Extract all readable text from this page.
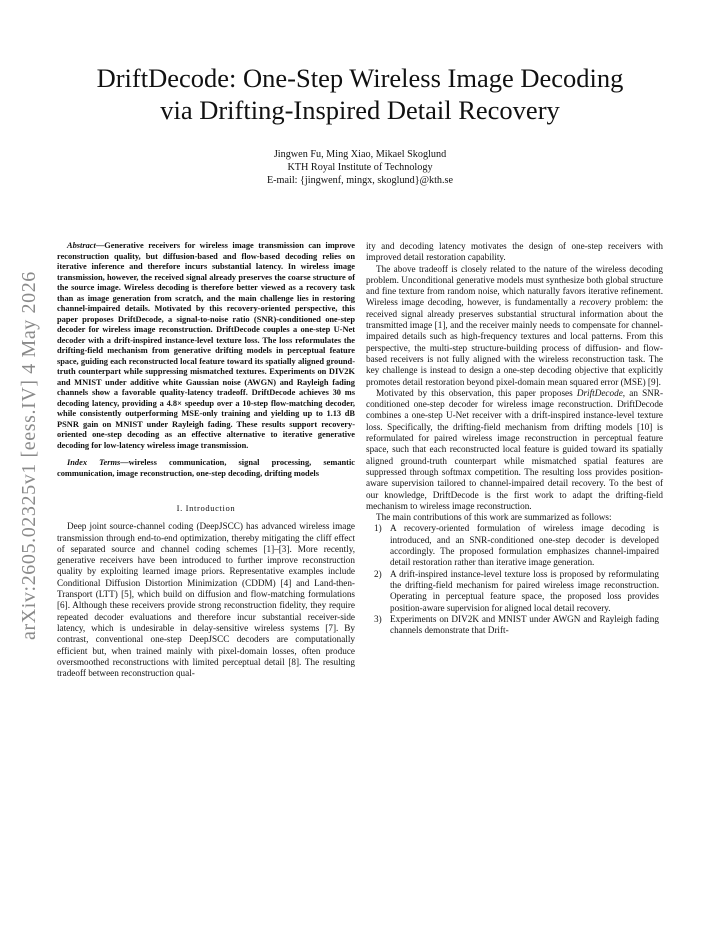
arXiv:2605.02325v1 [eess.IV] 4 May 2026
DriftDecode: One-Step Wireless Image Decoding
via Drifting-Inspired Detail Recovery
Jingwen Fu, Ming Xiao, Mikael Skoglund
KTH Royal Institute of Technology
E-mail: {jingwenf, mingx, skoglund}@kth.se

Abstract—Generative receivers for wireless image transmission can improve reconstruction quality, but diffusion-based and flow-based decoding relies on iterative inference and therefore incurs substantial latency. In wireless image transmission, however, the received signal already preserves the coarse structure of the source image. Wireless decoding is therefore better viewed as a recovery task than as image generation from scratch, and the main challenge lies in restoring channel-impaired details. Motivated by this recovery-oriented perspective, this paper proposes DriftDecode, a signal-to-noise ratio (SNR)-conditioned one-step decoder for wireless image reconstruction. DriftDecode couples a one-step U-Net decoder with a drift-inspired instance-level texture loss. The loss reformulates the drifting-field mechanism from generative drifting models in perceptual feature space, guiding each reconstructed local feature toward its spatially aligned ground-truth counterpart while suppressing mismatched textures. Experiments on DIV2K and MNIST under additive white Gaussian noise (AWGN) and Rayleigh fading channels show a favorable quality-latency tradeoff. DriftDecode achieves 30 ms decoding latency, providing a 4.8× speedup over a 10-step flow-matching decoder, while consistently outperforming MSE-only training and yielding up to 1.13 dB PSNR gain on MNIST under Rayleigh fading. These results support recovery-oriented one-step decoding as an effective alternative to iterative generative decoding for low-latency wireless image transmission.

Index Terms—wireless communication, signal processing, semantic communication, image reconstruction, one-step decoding, drifting models

I. Introduction

Deep joint source-channel coding (DeepJSCC) has advanced wireless image transmission through end-to-end optimization, thereby mitigating the cliff effect of separated source and channel coding schemes [1]–[3]. More recently, generative receivers have been introduced to further improve reconstruction quality by exploiting learned image priors. Representative examples include Conditional Diffusion Distortion Minimization (CDDM) [4] and Land-then-Transport (LTT) [5], which build on diffusion and flow-matching formulations [6]. Although these receivers provide strong reconstruction fidelity, they require repeated decoder evaluations and therefore incur substantial receiver-side latency, which is undesirable in delay-sensitive wireless systems [7]. By contrast, conventional one-step DeepJSCC decoders are computationally efficient but, when trained mainly with pixel-domain losses, often produce oversmoothed reconstructions with limited perceptual detail [8]. The resulting tradeoff between reconstruction qual-

ity and decoding latency motivates the design of one-step receivers with improved detail restoration capability.

The above tradeoff is closely related to the nature of the wireless decoding problem. Unconditional generative models must synthesize both global structure and fine texture from random noise, which naturally favors iterative refinement. Wireless image decoding, however, is fundamentally a recovery problem: the received signal already preserves substantial structural information about the transmitted image [1], and the receiver mainly needs to compensate for channel-impaired details such as high-frequency textures and local patterns. From this perspective, the multi-step structure-building process of diffusion- and flow-based receivers is not fully aligned with the wireless reconstruction task. The key challenge is instead to design a one-step decoding objective that explicitly promotes detail restoration beyond pixel-domain mean squared error (MSE) [9].

Motivated by this observation, this paper proposes DriftDecode, an SNR-conditioned one-step decoder for wireless image reconstruction. DriftDecode combines a one-step U-Net receiver with a drift-inspired instance-level texture loss. Specifically, the drifting-field mechanism from drifting models [10] is reformulated for paired wireless image reconstruction in perceptual feature space, such that each reconstructed local feature is guided toward its spatially aligned ground-truth counterpart while mismatched spatial features are suppressed through softmax competition. The resulting loss provides position-aware supervision tailored to channel-impaired detail recovery. To the best of our knowledge, DriftDecode is the first work to adapt the drifting-field mechanism to wireless image reconstruction.

The main contributions of this work are summarized as follows:

1) A recovery-oriented formulation of wireless image decoding is introduced, and an SNR-conditioned one-step decoder is developed accordingly. The proposed formulation emphasizes channel-impaired detail restoration rather than iterative image generation.
2) A drift-inspired instance-level texture loss is proposed by reformulating the drifting-field mechanism for paired wireless image reconstruction. Operating in perceptual feature space, the proposed loss provides position-aware supervision for aligned local detail recovery.
3) Experiments on DIV2K and MNIST under AWGN and Rayleigh fading channels demonstrate that Drift-
